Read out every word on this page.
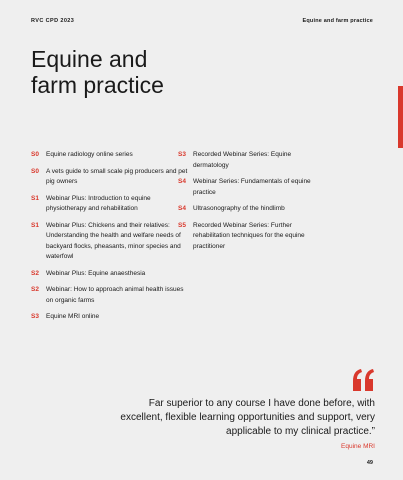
RVC CPD 2023	Equine and farm practice
Equine and
farm practice
S0	Equine radiology online series
S0	A vets guide to small scale pig producers and pet pig owners
S1	Webinar Plus: Introduction to equine physiotherapy and rehabilitation
S1	Webinar Plus: Chickens and their relatives: Understanding the health and welfare needs of backyard flocks, pheasants, minor species and waterfowl
S2	Webinar Plus: Equine anaesthesia
S2	Webinar: How to approach animal health issues on organic farms
S3	Equine MRI online
S3	Recorded Webinar Series: Equine dermatology
S4	Webinar Series: Fundamentals of equine practice
S4	Ultrasonography of the hindlimb
S5	Recorded Webinar Series: Further rehabilitation techniques for the equine practitioner

Far superior to any course I have done before, with excellent, flexible learning opportunities and support, very applicable to my clinical practice.”

Equine MRI
49
